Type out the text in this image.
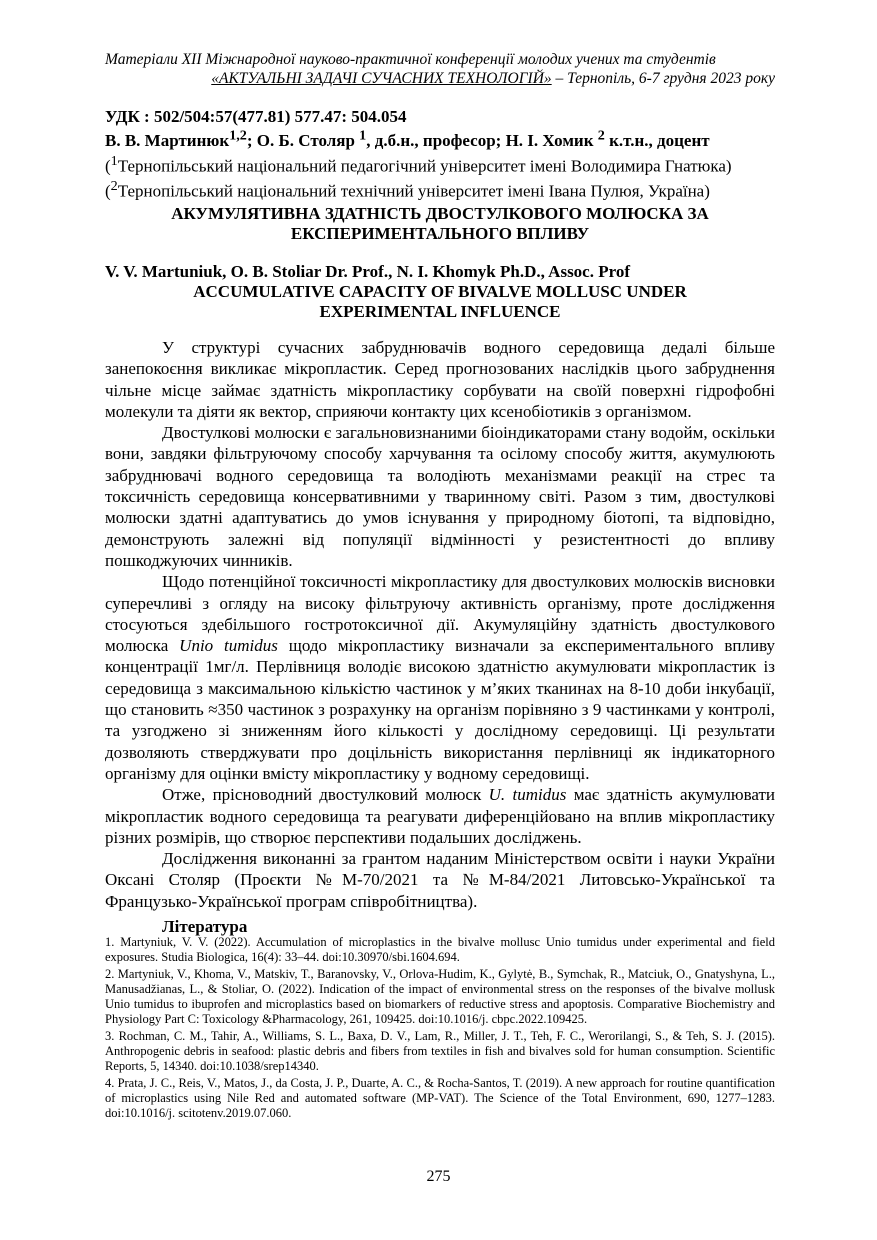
Матеріали XII Міжнародної науково-практичної конференції молодих учених та студентів
«АКТУАЛЬНІ ЗАДАЧІ СУЧАСНИХ ТЕХНОЛОГІЙ» – Тернопіль, 6-7 грудня 2023 року
УДК : 502/504:57(477.81) 577.47: 504.054
В. В. Мартинюк$^{1,2}$; О. Б. Столяр $^1$, д.б.н., професор; Н. І. Хомик $^2$ к.т.н., доцент
($^1$Тернопільський національний педагогічний університет імені Володимира Гнатюка)
($^2$Тернопільський національний технічний університет імені Івана Пулюя, Україна)
АКУМУЛЯТИВНА ЗДАТНІСТЬ ДВОСТУЛКОВОГО МОЛЮСКА ЗА ЕКСПЕРИМЕНТАЛЬНОГО ВПЛИВУ
V. V. Martuniuk, O. B. Stoliar Dr. Prof., N. I. Khomyk Ph.D., Assoc. Prof
ACCUMULATIVE CAPACITY OF BIVALVE MOLLUSC UNDER
EXPERIMENTAL INFLUENCE

У структурі сучасних забруднювачів водного середовища дедалі більше занепокоєння викликає мікропластик. Серед прогнозованих наслідків цього забруднення чільне місце займає здатність мікропластику сорбувати на своїй поверхні гідрофобні молекули та діяти як вектор, сприяючи контакту цих ксенобіотиків з організмом.

Двостулкові молюски є загальновизнаними біоіндикаторами стану водойм, оскільки вони, завдяки фільтруючому способу харчування та осілому способу життя, акумулюють забруднювачі водного середовища та володіють механізмами реакції на стрес та токсичність середовища консервативними у тваринному світі. Разом з тим, двостулкові молюски здатні адаптуватись до умов існування у природному біотопі, та відповідно, демонструють залежні від популяції відмінності у резистентності до впливу пошкоджуючих чинників.

Щодо потенційної токсичності мікропластику для двостулкових молюсків висновки суперечливі з огляду на високу фільтруючу активність організму, проте дослідження стосуються здебільшого гостротоксичної дії. Акумуляційну здатність двостулкового молюска Unio tumidus щодо мікропластику визначали за експериментального впливу концентрації 1мг/л. Перлівниця володіє високою здатністю акумулювати мікропластик із середовища з максимальною кількістю частинок у м’яких тканинах на 8-10 доби інкубації, що становить ≈350 частинок з розрахунку на організм порівняно з 9 частинками у контролі, та узгоджено зі зниженням його кількості у дослідному середовищі. Ці результати дозволяють стверджувати про доцільність використання перлівниці як індикаторного організму для оцінки вмісту мікропластику у водному середовищі.

Отже, прісноводний двостулковий молюск U. tumidus має здатність акумулювати мікропластик водного середовища та реагувати диференційовано на вплив мікропластику різних розмірів, що створює перспективи подальших досліджень.

Дослідження виконанні за грантом наданим Міністерством освіти і науки України Оксані Столяр (Проєкти №М-70/2021 та №М-84/2021 Литовсько-Української та Французько-Української програм співробітництва).

Література

1. Martyniuk, V. V. (2022). Accumulation of microplastics in the bivalve mollusc Unio tumidus under experimental and field exposures. Studia Biologica, 16(4): 33–44. doi:10.30970/sbi.1604.694.

2. Martyniuk, V., Khoma, V., Matskiv, T., Baranovsky, V., Orlova-Hudim, K., Gylytė, B., Symchak, R., Matciuk, O., Gnatyshyna, L., Manusadžianas, L., & Stoliar, O. (2022). Indication of the impact of environmental stress on the responses of the bivalve mollusk Unio tumidus to ibuprofen and microplastics based on biomarkers of reductive stress and apoptosis. Comparative Biochemistry and Physiology Part C: Toxicology &Pharmacology, 261, 109425. doi:10.1016/j. cbpc.2022.109425.

3. Rochman, C. M., Tahir, A., Williams, S. L., Baxa, D. V., Lam, R., Miller, J. T., Teh, F. C., Werorilangi, S., & Teh, S. J. (2015). Anthropogenic debris in seafood: plastic debris and fibers from textiles in fish and bivalves sold for human consumption. Scientific Reports, 5, 14340. doi:10.1038/srep14340.

4. Prata, J. C., Reis, V., Matos, J., da Costa, J. P., Duarte, A. C., & Rocha-Santos, T. (2019). A new approach for routine quantification of microplastics using Nile Red and automated software (MP-VAT). The Science of the Total Environment, 690, 1277–1283. doi:10.1016/j. scitotenv.2019.07.060.

275
